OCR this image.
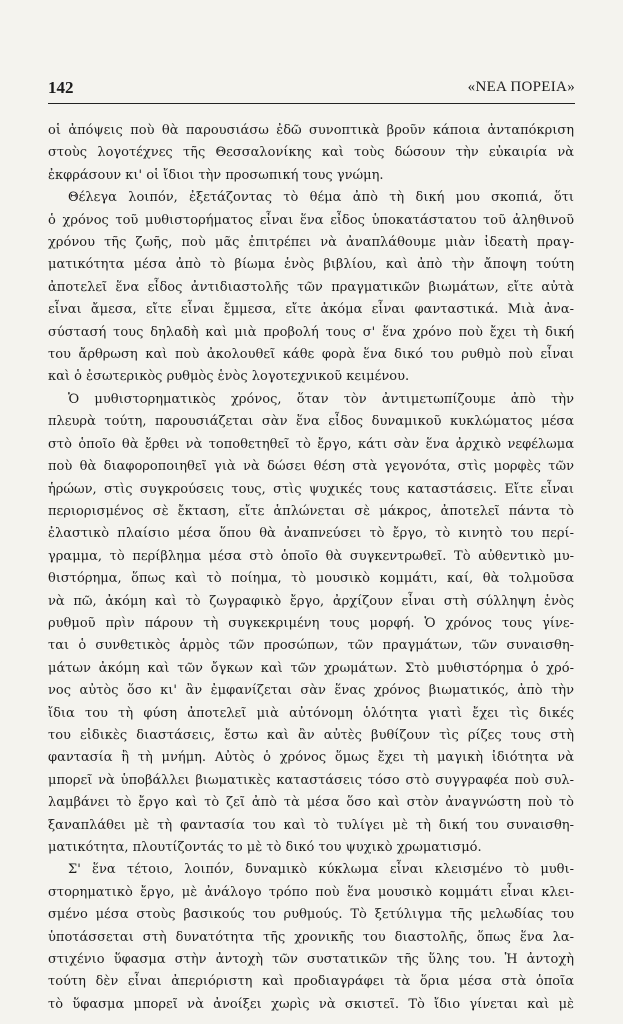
142	«ΝΕΑ ΠΟΡΕΙΑ»

οἱ ἀπόψεις ποὺ θὰ παρουσιάσω ἐδῶ συνοπτικὰ βροῦν κάποια ἀνταπόκριση

στοὺς λογοτέχνες τῆς Θεσσαλονίκης καὶ τοὺς δώσουν τὴν εὐκαιρία νὰ

ἐκφράσουν κι' οἱ ἴδιοι τὴν προσωπική τους γνώμη.

Θέλεγα λοιπόν, ἐξετάζοντας τὸ θέμα ἀπὸ τὴ δική μου σκοπιά, ὅτι

ὁ χρόνος τοῦ μυθιστορήματος εἶναι ἕνα εἶδος ὑποκατάστατου τοῦ ἀληθινοῦ

χρόνου τῆς ζωῆς, ποὺ μᾶς ἐπιτρέπει νὰ ἀναπλάθουμε μιὰν ἰδεατὴ πραγ-

ματικότητα μέσα ἀπὸ τὸ βίωμα ἑνὸς βιβλίου, καὶ ἀπὸ τὴν ἄποψη τούτη

ἀποτελεῖ ἕνα εἶδος ἀντιδιαστολῆς τῶν πραγματικῶν βιωμάτων, εἴτε αὐτὰ

εἶναι ἄμεσα, εἴτε εἶναι ἔμμεσα, εἴτε ἀκόμα εἶναι φανταστικά. Μιὰ ἀνα-

σύστασή τους δηλαδὴ καὶ μιὰ προβολή τους σ' ἕνα χρόνο ποὺ ἔχει τὴ δική

του ἄρθρωση καὶ ποὺ ἀκολουθεῖ κάθε φορὰ ἕνα δικό του ρυθμὸ ποὺ εἶναι

καὶ ὁ ἐσωτερικὸς ρυθμὸς ἑνὸς λογοτεχνικοῦ κειμένου.

Ὁ μυθιστορηματικὸς χρόνος, ὅταν τὸν ἀντιμετωπίζουμε ἀπὸ τὴν

πλευρὰ τούτη, παρουσιάζεται σὰν ἕνα εἶδος δυναμικοῦ κυκλώματος μέσα

στὸ ὁποῖο θὰ ἔρθει νὰ τοποθετηθεῖ τὸ ἔργο, κάτι σὰν ἕνα ἀρχικὸ νεφέλωμα

ποὺ θὰ διαφοροποιηθεῖ γιὰ νὰ δώσει θέση στὰ γεγονότα, στὶς μορφὲς τῶν

ἡρώων, στὶς συγκρούσεις τους, στὶς ψυχικές τους καταστάσεις. Εἴτε εἶναι

περιορισμένος σὲ ἔκταση, εἴτε ἁπλώνεται σὲ μάκρος, ἀποτελεῖ πάντα τὸ

ἐλαστικὸ πλαίσιο μέσα ὅπου θὰ ἀναπνεύσει τὸ ἔργο, τὸ κινητὸ του περί-

γραμμα, τὸ περίβλημα μέσα στὸ ὁποῖο θὰ συγκεντρωθεῖ. Τὸ αὐθεντικὸ μυ-

θιστόρημα, ὅπως καὶ τὸ ποίημα, τὸ μουσικὸ κομμάτι, καί, θὰ τολμοῦσα

νὰ πῶ, ἀκόμη καὶ τὸ ζωγραφικὸ ἔργο, ἀρχίζουν εἶναι στὴ σύλληψη ἑνὸς

ρυθμοῦ πρὶν πάρουν τὴ συγκεκριμένη τους μορφή. Ὁ χρόνος τους γίνε-

ται ὁ συνθετικὸς ἁρμὸς τῶν προσώπων, τῶν πραγμάτων, τῶν συναισθη-

μάτων ἀκόμη καὶ τῶν ὄγκων καὶ τῶν χρωμάτων. Στὸ μυθιστόρημα ὁ χρό-

νος αὐτὸς ὅσο κι' ἂν ἐμφανίζεται σὰν ἕνας χρόνος βιωματικός, ἀπὸ τὴν

ἴδια του τὴ φύση ἀποτελεῖ μιὰ αὐτόνομη ὁλότητα γιατὶ ἔχει τὶς δικές

του εἰδικὲς διαστάσεις, ἔστω καὶ ἂν αὐτὲς βυθίζουν τὶς ρίζες τους στὴ

φαντασία ἢ τὴ μνήμη. Αὐτὸς ὁ χρόνος ὅμως ἔχει τὴ μαγικὴ ἰδιότητα νὰ

μπορεῖ νὰ ὑποβάλλει βιωματικὲς καταστάσεις τόσο στὸ συγγραφέα ποὺ συλ-

λαμβάνει τὸ ἔργο καὶ τὸ ζεῖ ἀπὸ τὰ μέσα ὅσο καὶ στὸν ἀναγνώστη ποὺ τὸ

ξαναπλάθει μὲ τὴ φαντασία του καὶ τὸ τυλίγει μὲ τὴ δική του συναισθη-

ματικότητα, πλουτίζοντάς το μὲ τὸ δικό του ψυχικὸ χρωματισμό.

Σ' ἕνα τέτοιο, λοιπόν, δυναμικὸ κύκλωμα εἶναι κλεισμένο τὸ μυθι-

στορηματικὸ ἔργο, μὲ ἀνάλογο τρόπο ποὺ ἕνα μουσικὸ κομμάτι εἶναι κλει-

σμένο μέσα στοὺς βασικούς του ρυθμούς. Τὸ ξετύλιγμα τῆς μελωδίας του

ὑποτάσσεται στὴ δυνατότητα τῆς χρονικῆς του διαστολῆς, ὅπως ἕνα λα-

στιχένιο ὕφασμα στὴν ἀντοχὴ τῶν συστατικῶν τῆς ὕλης του. Ἡ ἀντοχὴ

τούτη δὲν εἶναι ἀπεριόριστη καὶ προδιαγράφει τὰ ὅρια μέσα στὰ ὁποῖα

τὸ ὕφασμα μπορεῖ νὰ ἀνοίξει χωρὶς νὰ σκιστεῖ. Τὸ ἴδιο γίνεται καὶ μὲ
